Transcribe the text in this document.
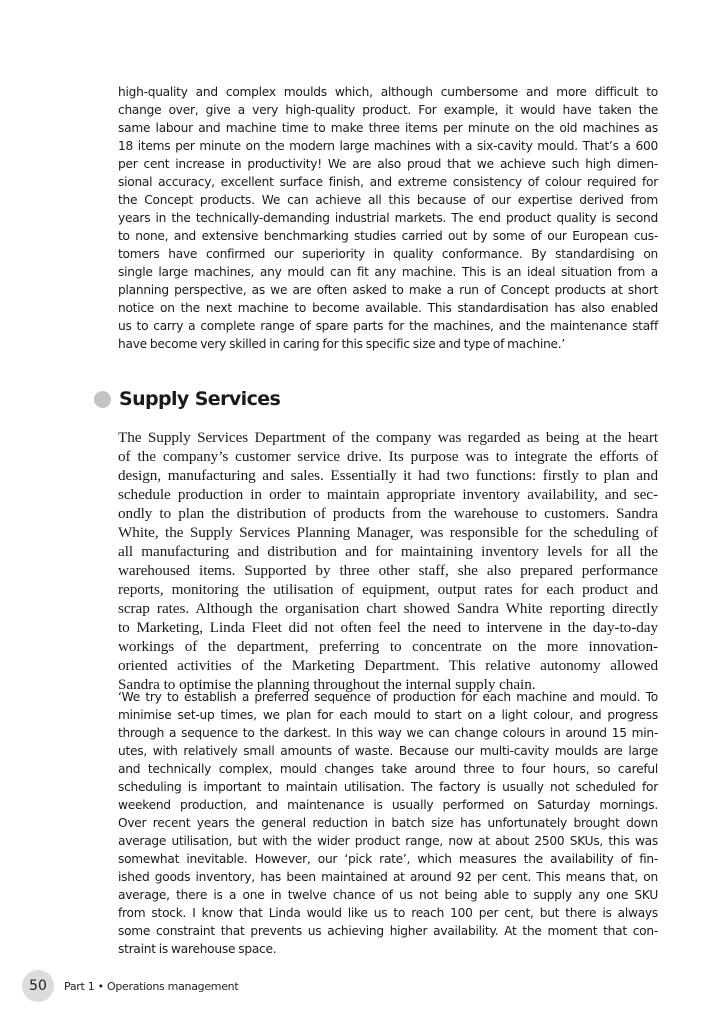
high-quality and complex moulds which, although cumbersome and more difficult to
change over, give a very high-quality product. For example, it would have taken the
same labour and machine time to make three items per minute on the old machines as
18 items per minute on the modern large machines with a six-cavity mould. That’s a 600
per cent increase in productivity! We are also proud that we achieve such high dimen-
sional accuracy, excellent surface finish, and extreme consistency of colour required for
the Concept products. We can achieve all this because of our expertise derived from
years in the technically-demanding industrial markets. The end product quality is second
to none, and extensive benchmarking studies carried out by some of our European cus-
tomers have confirmed our superiority in quality conformance. By standardising on
single large machines, any mould can fit any machine. This is an ideal situation from a
planning perspective, as we are often asked to make a run of Concept products at short
notice on the next machine to become available. This standardisation has also enabled
us to carry a complete range of spare parts for the machines, and the maintenance staff
have become very skilled in caring for this specific size and type of machine.’
Supply Services
The Supply Services Department of the company was regarded as being at the heart
of the company’s customer service drive. Its purpose was to integrate the efforts of
design, manufacturing and sales. Essentially it had two functions: firstly to plan and
schedule production in order to maintain appropriate inventory availability, and sec-
ondly to plan the distribution of products from the warehouse to customers. Sandra
White, the Supply Services Planning Manager, was responsible for the scheduling of
all manufacturing and distribution and for maintaining inventory levels for all the
warehoused items. Supported by three other staff, she also prepared performance
reports, monitoring the utilisation of equipment, output rates for each product and
scrap rates. Although the organisation chart showed Sandra White reporting directly
to Marketing, Linda Fleet did not often feel the need to intervene in the day-to-day
workings of the department, preferring to concentrate on the more innovation-
oriented activities of the Marketing Department. This relative autonomy allowed
Sandra to optimise the planning throughout the internal supply chain.
‘We try to establish a preferred sequence of production for each machine and mould. To
minimise set-up times, we plan for each mould to start on a light colour, and progress
through a sequence to the darkest. In this way we can change colours in around 15 min-
utes, with relatively small amounts of waste. Because our multi-cavity moulds are large
and technically complex, mould changes take around three to four hours, so careful
scheduling is important to maintain utilisation. The factory is usually not scheduled for
weekend production, and maintenance is usually performed on Saturday mornings.
Over recent years the general reduction in batch size has unfortunately brought down
average utilisation, but with the wider product range, now at about 2500 SKUs, this was
somewhat inevitable. However, our ‘pick rate’, which measures the availability of fin-
ished goods inventory, has been maintained at around 92 per cent. This means that, on
average, there is a one in twelve chance of us not being able to supply any one SKU
from stock. I know that Linda would like us to reach 100 per cent, but there is always
some constraint that prevents us achieving higher availability. At the moment that con-
straint is warehouse space.
50	Part 1 • Operations management
